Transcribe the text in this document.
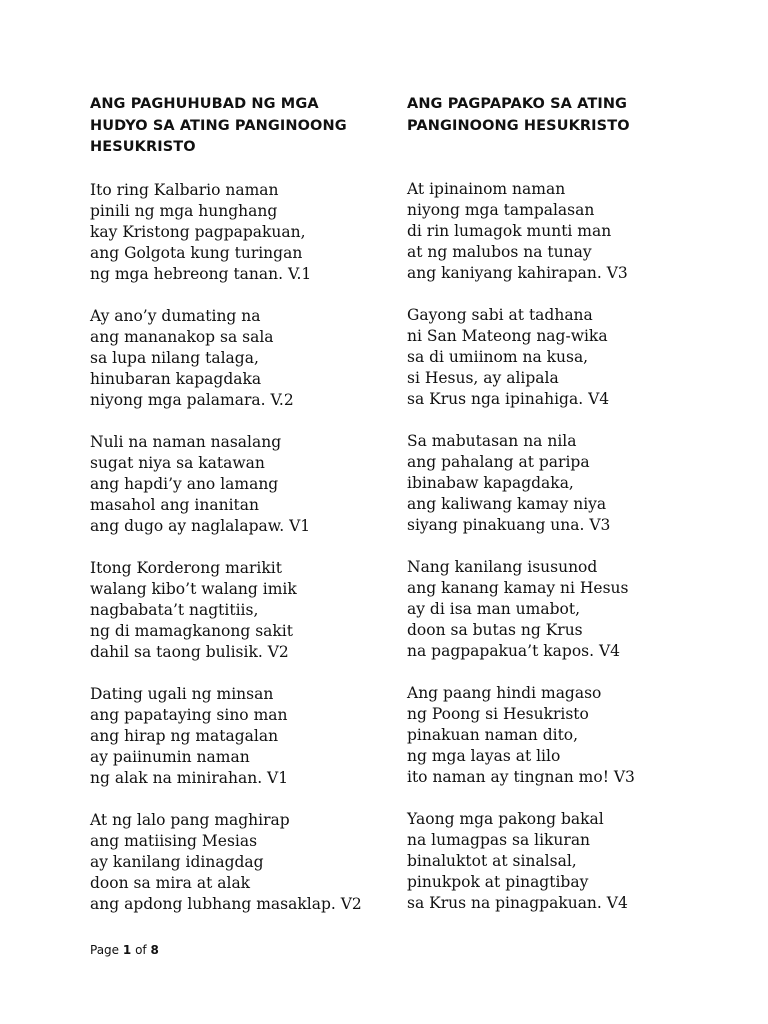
ANG PAGHUHUBAD NG MGA
HUDYO SA ATING PANGINOONG
HESUKRISTO
Ito ring Kalbario naman
pinili ng mga hunghang
kay Kristong pagpapakuan,
ang Golgota kung turingan
ng mga hebreong tanan. V.1
Ay ano’y dumating na
ang mananakop sa sala
sa lupa nilang talaga,
hinubaran kapagdaka
niyong mga palamara. V.2
Nuli na naman nasalang
sugat niya sa katawan
ang hapdi’y ano lamang
masahol ang inanitan
ang dugo ay naglalapaw. V1
Itong Korderong marikit
walang kibo’t walang imik
nagbabata’t nagtitiis,
ng di mamagkanong sakit
dahil sa taong bulisik. V2
Dating ugali ng minsan
ang papataying sino man
ang hirap ng matagalan
ay paiinumin naman
ng alak na minirahan. V1
At ng lalo pang maghirap
ang matiising Mesias
ay kanilang idinagdag
doon sa mira at alak
ang apdong lubhang masaklap. V2
ANG PAGPAPAKO SA ATING
PANGINOONG HESUKRISTO
At ipinainom naman
niyong mga tampalasan
di rin lumagok munti man
at ng malubos na tunay
ang kaniyang kahirapan. V3
Gayong sabi at tadhana
ni San Mateong nag-wika
sa di umiinom na kusa,
si Hesus, ay alipala
sa Krus nga ipinahiga. V4
Sa mabutasan na nila
ang pahalang at paripa
ibinabaw kapagdaka,
ang kaliwang kamay niya
siyang pinakuang una. V3
Nang kanilang isusunod
ang kanang kamay ni Hesus
ay di isa man umabot,
doon sa butas ng Krus
na pagpapakua’t kapos. V4
Ang paang hindi magaso
ng Poong si Hesukristo
pinakuan naman dito,
ng mga layas at lilo
ito naman ay tingnan mo! V3
Yaong mga pakong bakal
na lumagpas sa likuran
binaluktot at sinalsal,
pinukpok at pinagtibay
sa Krus na pinagpakuan. V4
Page 1 of 8
